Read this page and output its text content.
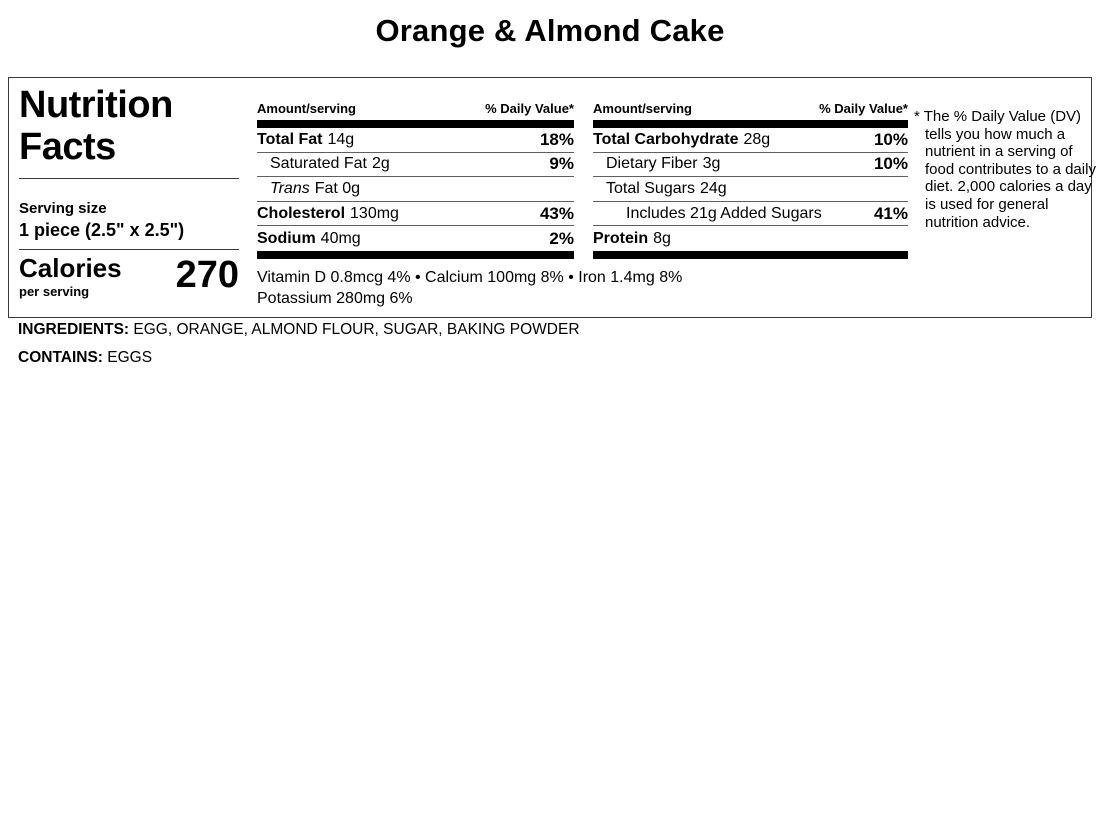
Orange & Almond Cake
Nutrition Facts
Serving size
1 piece (2.5" x 2.5")
Calories
per serving	270
Amount/serving	% Daily Value*
Total Fat 14g	18%
Saturated Fat 2g	9%
Trans Fat 0g
Cholesterol 130mg	43%
Sodium 40mg	2%
Amount/serving	% Daily Value*
Total Carbohydrate 28g	10%
Dietary Fiber 3g	10%
Total Sugars 24g
Includes 21g Added Sugars	41%
Protein 8g
Vitamin D 0.8mcg 4% • Calcium 100mg 8% • Iron 1.4mg 8%
Potassium 280mg 6%
* The % Daily Value (DV) tells you how much a nutrient in a serving of food contributes to a daily diet. 2,000 calories a day is used for general nutrition advice.
INGREDIENTS: EGG, ORANGE, ALMOND FLOUR, SUGAR, BAKING POWDER
CONTAINS: EGGS
